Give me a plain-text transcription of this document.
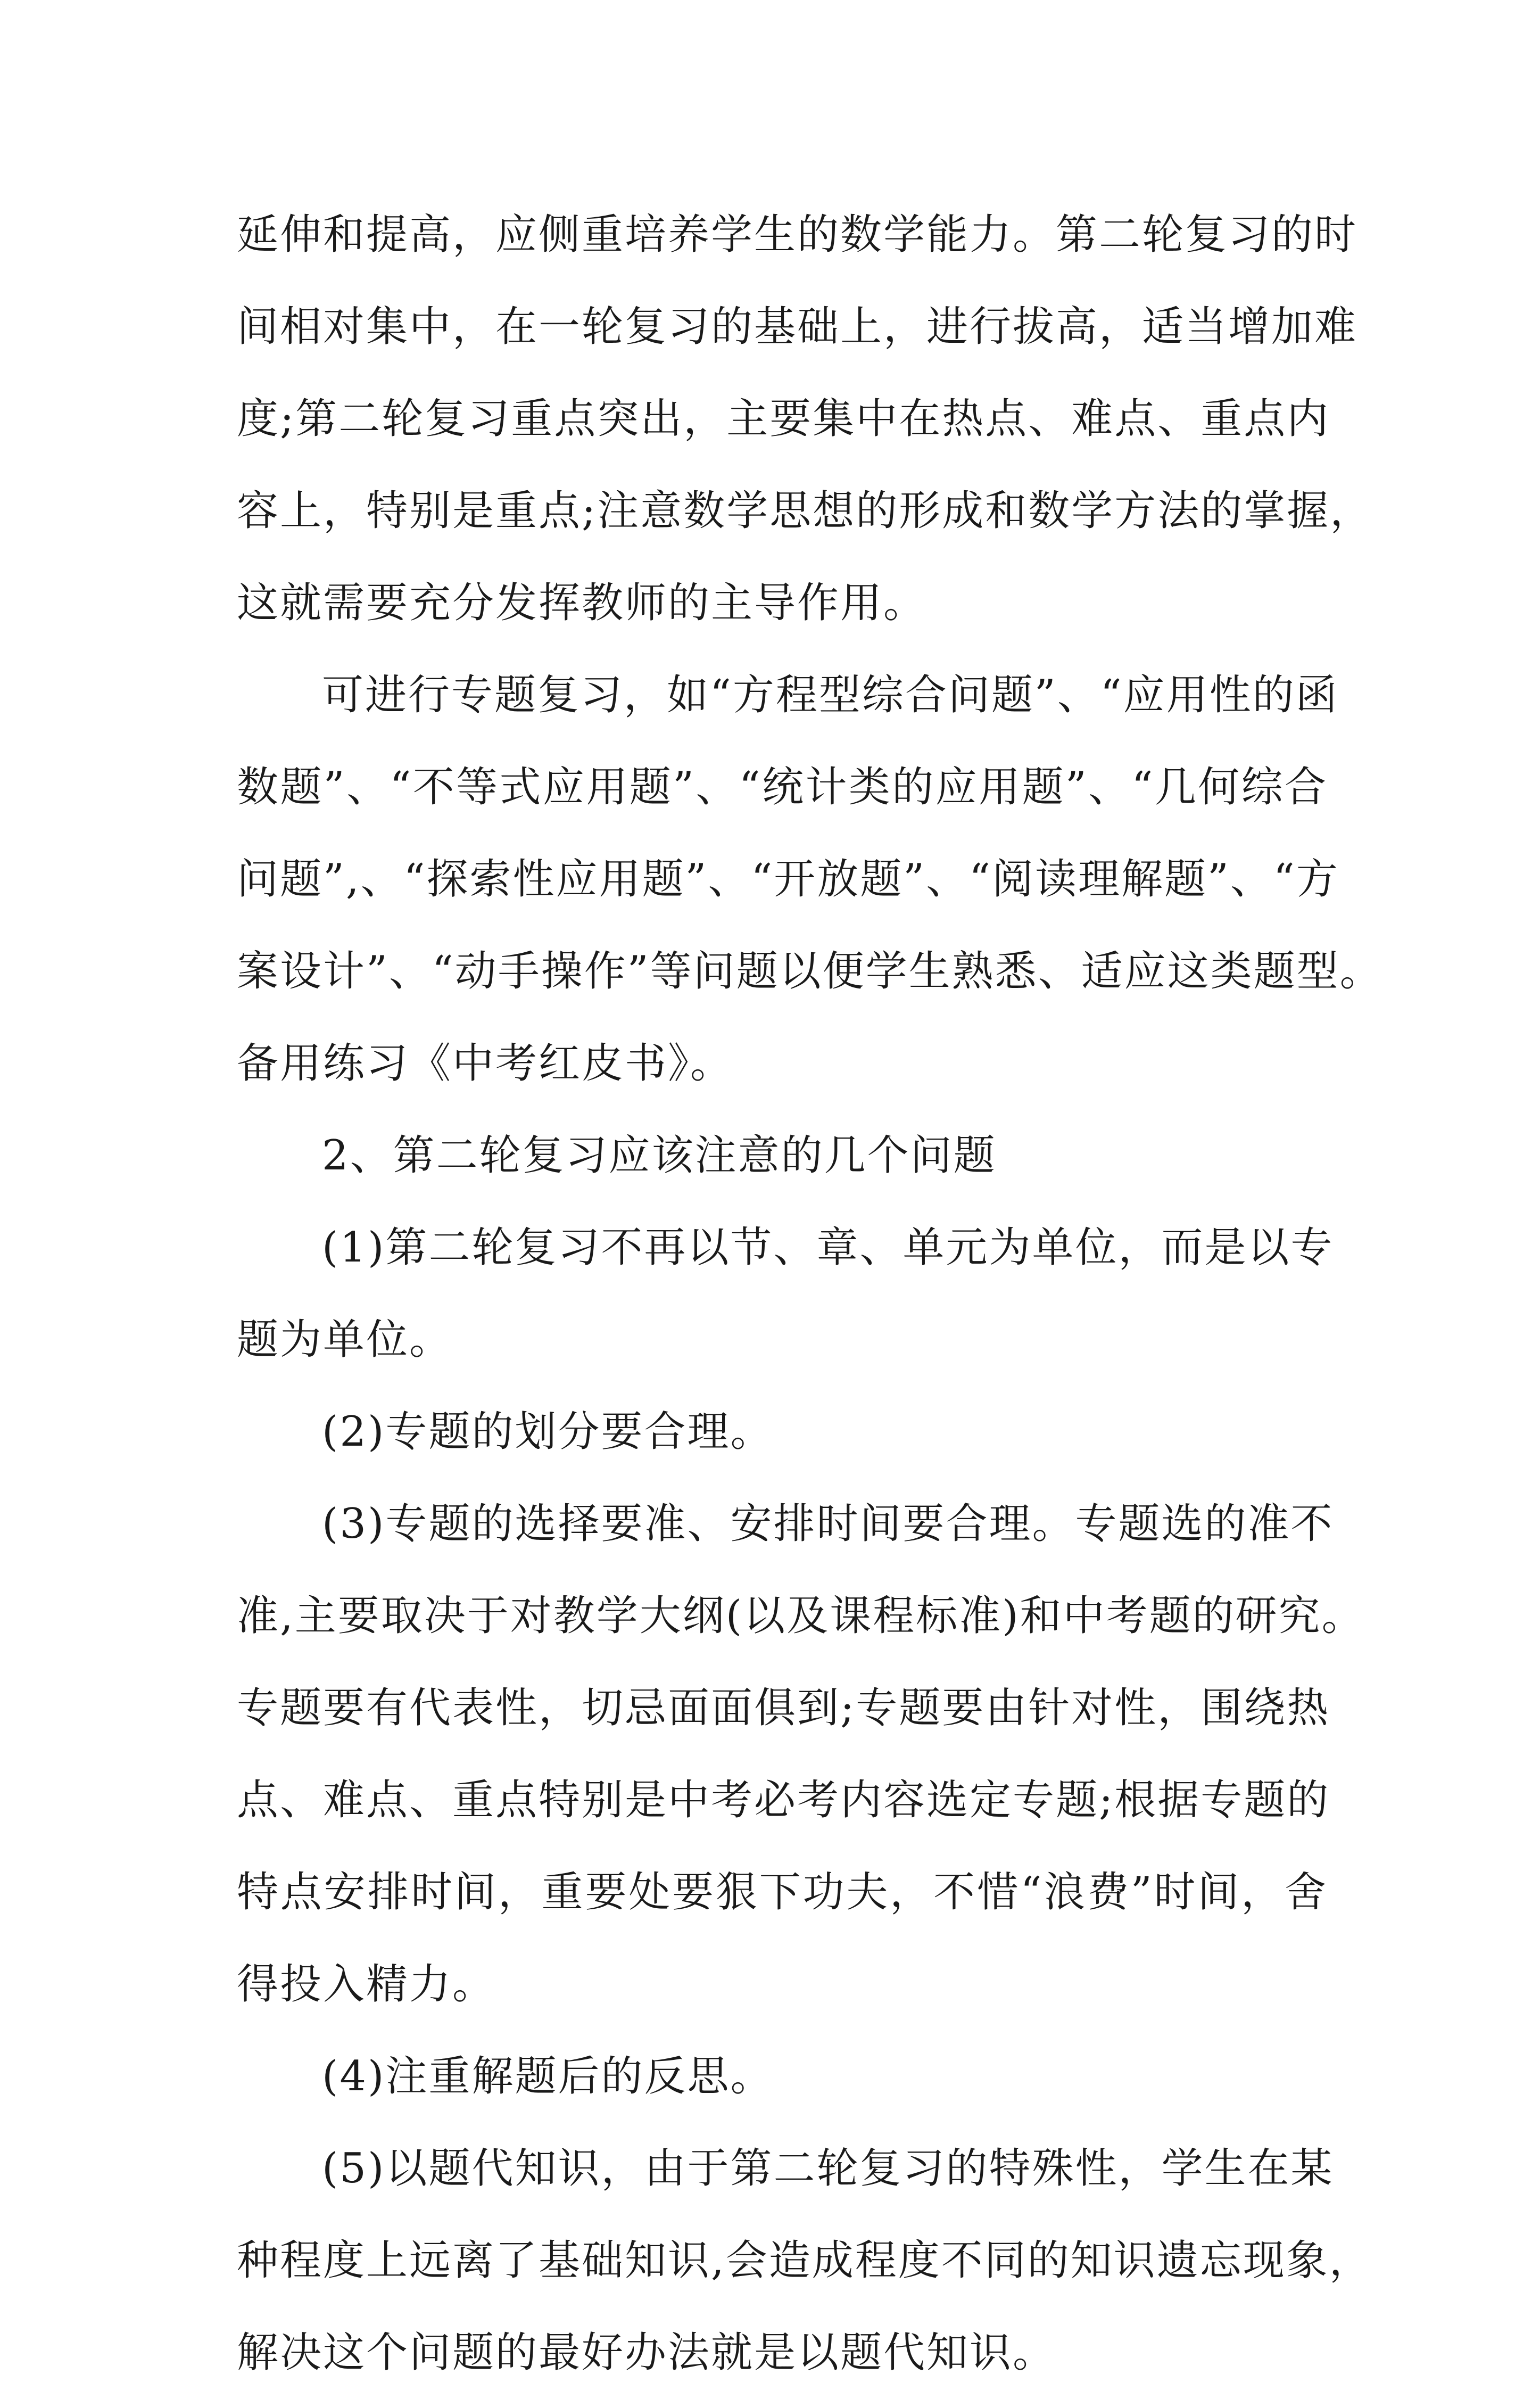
延伸和提高，应侧重培养学生的数学能力。第二轮复习的时
间相对集中，在一轮复习的基础上，进行拔高，适当增加难
度;第二轮复习重点突出，主要集中在热点、难点、重点内
容上，特别是重点;注意数学思想的形成和数学方法的掌握，
这就需要充分发挥教师的主导作用。
可进行专题复习，如“方程型综合问题”、“应用性的函
数题”、“不等式应用题”、“统计类的应用题”、“几何综合
问题”,、“探索性应用题”、“开放题”、“阅读理解题”、“方
案设计”、“动手操作”等问题以便学生熟悉、适应这类题型。
备用练习《中考红皮书》。
2、第二轮复习应该注意的几个问题
(1)第二轮复习不再以节、章、单元为单位，而是以专
题为单位。
(2)专题的划分要合理。
(3)专题的选择要准、安排时间要合理。专题选的准不
准,主要取决于对教学大纲(以及课程标准)和中考题的研究。
专题要有代表性，切忌面面俱到;专题要由针对性，围绕热
点、难点、重点特别是中考必考内容选定专题;根据专题的
特点安排时间，重要处要狠下功夫，不惜“浪费”时间，舍
得投入精力。
(4)注重解题后的反思。
(5)以题代知识，由于第二轮复习的特殊性，学生在某
种程度上远离了基础知识,会造成程度不同的知识遗忘现象，
解决这个问题的最好办法就是以题代知识。
